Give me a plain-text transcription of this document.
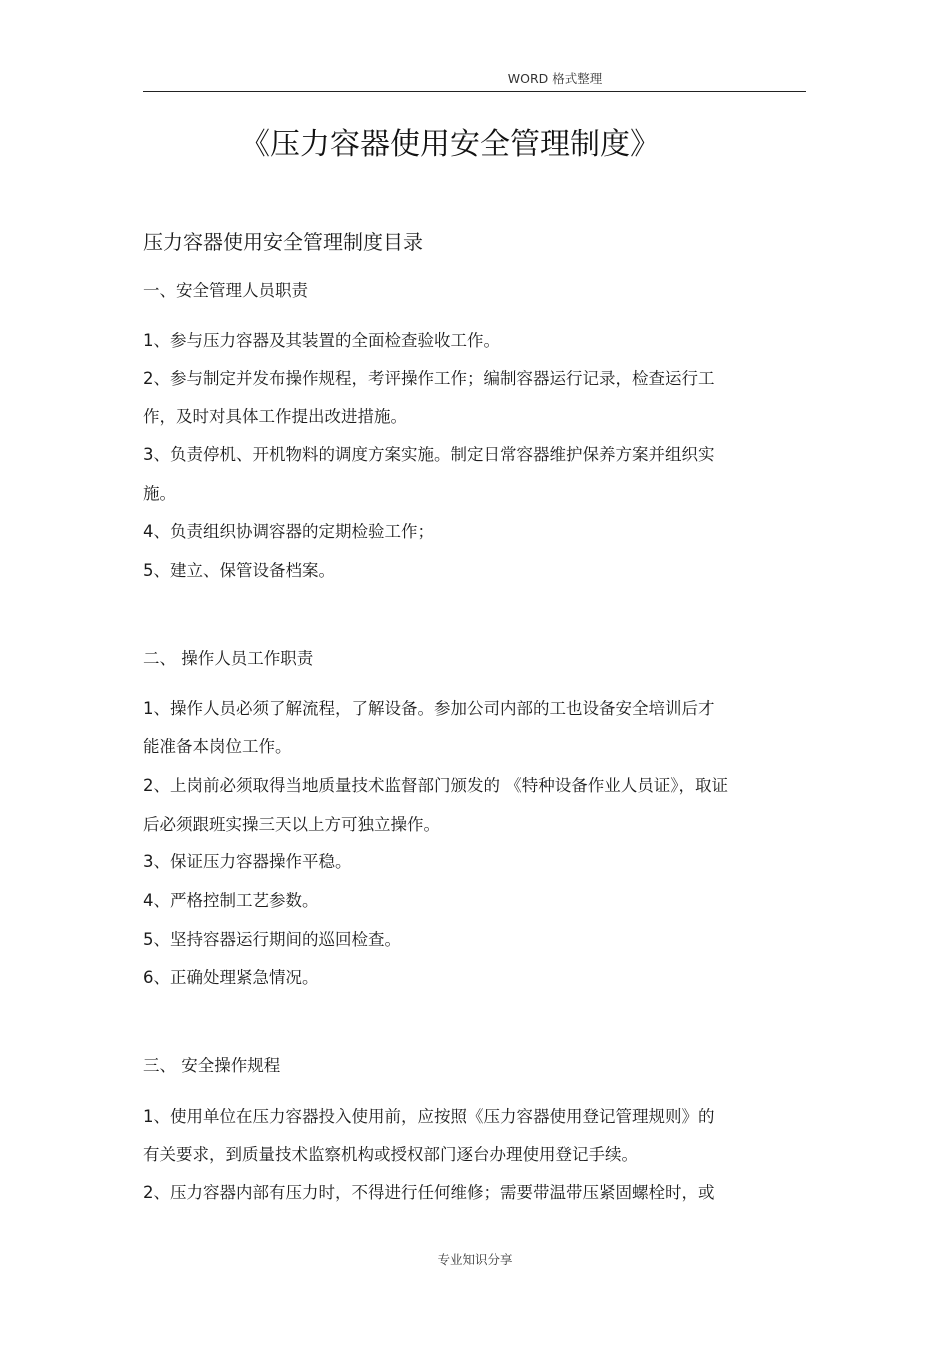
WORD 格式整理
《压力容器使用安全管理制度》
压力容器使用安全管理制度目录
一、安全管理人员职责
1、参与压力容器及其装置的全面检查验收工作。
2、参与制定并发布操作规程，考评操作工作；编制容器运行记录，检查运行工
作，及时对具体工作提出改进措施。
3、负责停机、开机物料的调度方案实施。制定日常容器维护保养方案并组织实
施。
4、负责组织协调容器的定期检验工作；
5、建立、保管设备档案。
二、 操作人员工作职责
1、操作人员必须了解流程，了解设备。参加公司内部的工也设备安全培训后才
能准备本岗位工作。
2、上岗前必须取得当地质量技术监督部门颁发的 《特种设备作业人员证》，取证
后必须跟班实操三天以上方可独立操作。
3、保证压力容器操作平稳。
4、严格控制工艺参数。
5、坚持容器运行期间的巡回检查。
6、正确处理紧急情况。
三、 安全操作规程
1、使用单位在压力容器投入使用前，应按照《压力容器使用登记管理规则》的
有关要求，到质量技术监察机构或授权部门逐台办理使用登记手续。
2、压力容器内部有压力时，不得进行任何维修；需要带温带压紧固螺栓时，或
专业知识分享
